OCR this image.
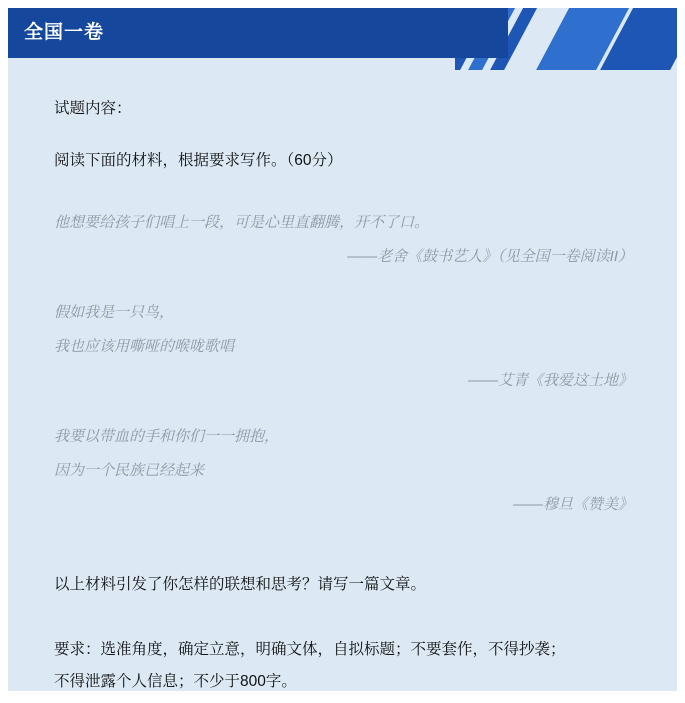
全国一卷

试题内容：

阅读下面的材料，根据要求写作。（60分）

他想要给孩子们唱上一段，可是心里直翻腾，开不了口。

——老舍《鼓书艺人》（见全国一卷阅读II）

假如我是一只鸟，

我也应该用嘶哑的喉咙歌唱

——艾青《我爱这土地》

我要以带血的手和你们一一拥抱，

因为一个民族已经起来

——穆旦《赞美》

以上材料引发了你怎样的联想和思考？请写一篇文章。

要求：选准角度，确定立意，明确文体，自拟标题；不要套作，不得抄袭；

不得泄露个人信息；不少于800字。
